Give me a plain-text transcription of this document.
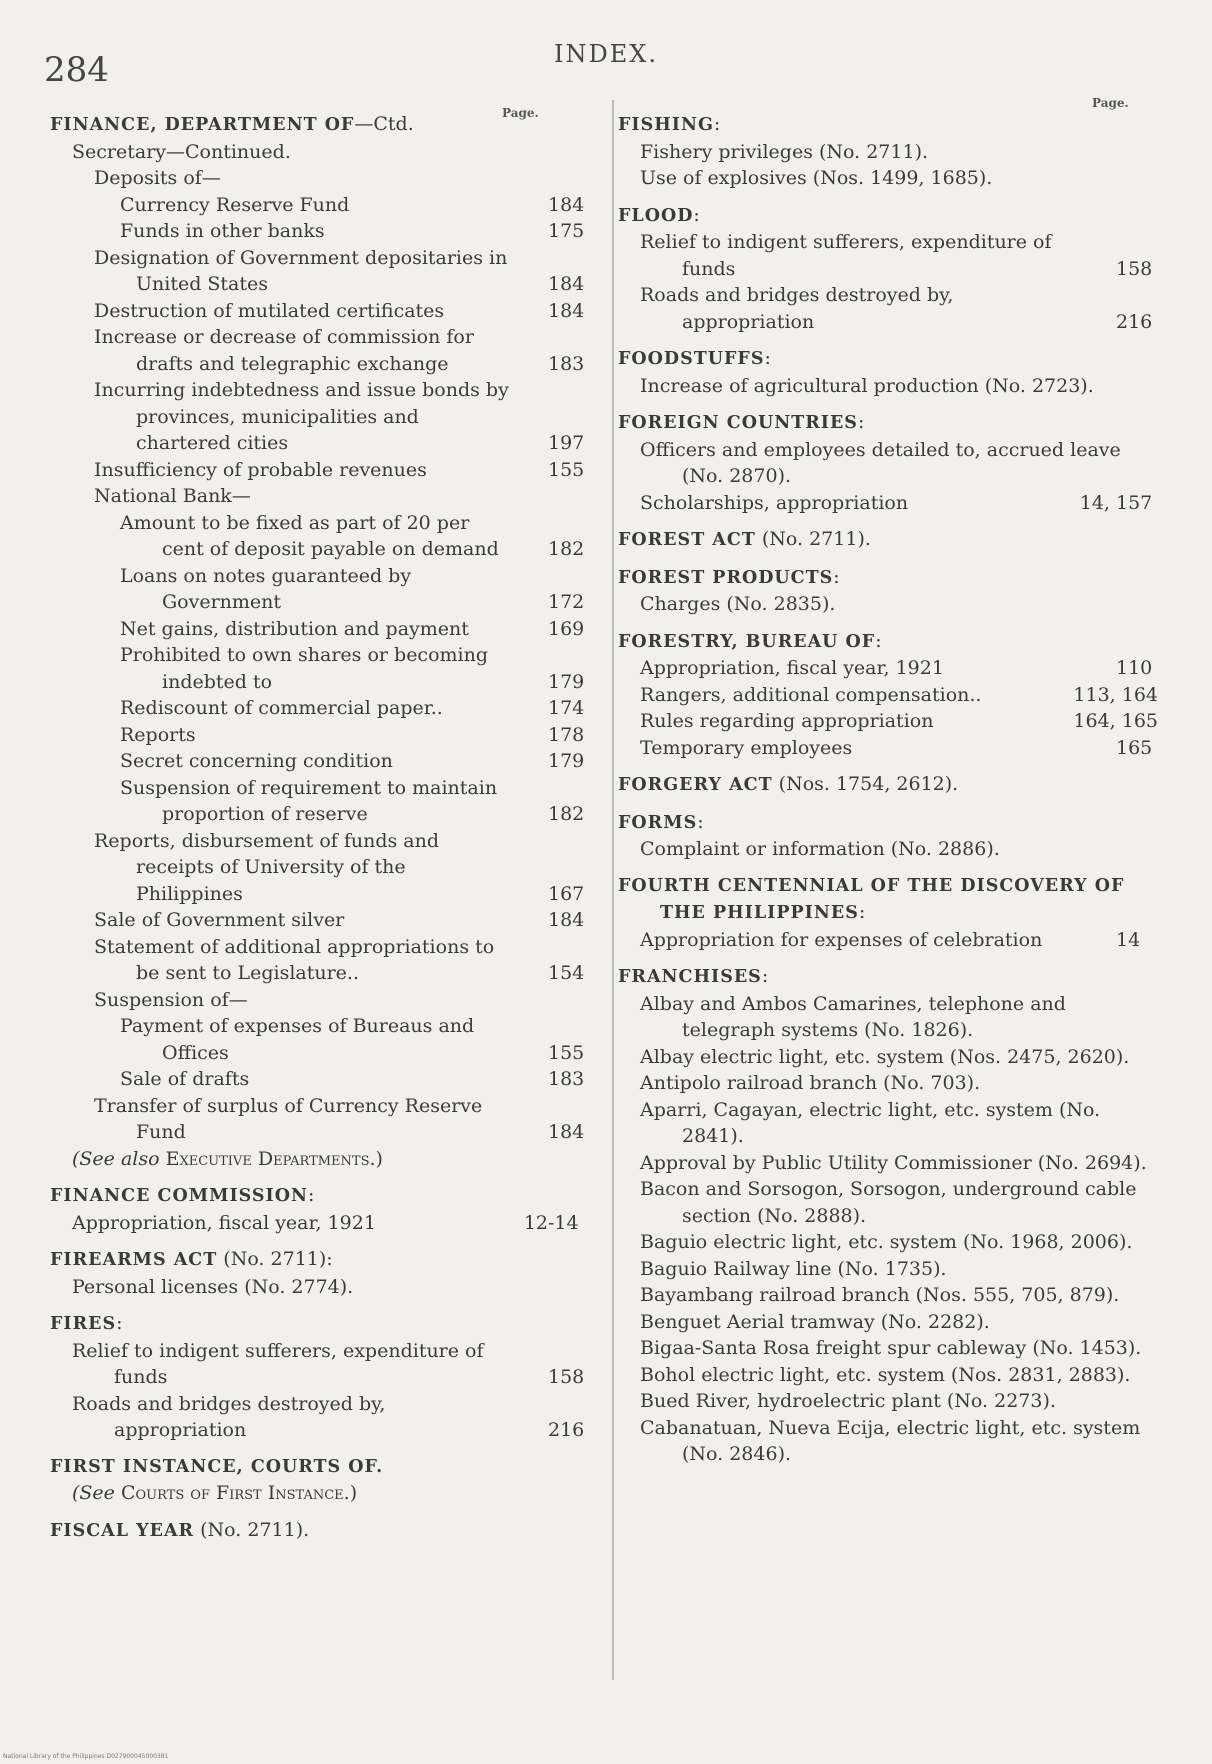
284	INDEX.
Page.
Page.
FINANCE, DEPARTMENT OF—Ctd.
Secretary—Continued.
Deposits of—
Currency Reserve Fund	184
Funds in other banks	175
Designation of Government depositaries in United States	184
Destruction of mutilated certificates	184
Increase or decrease of commission for drafts and telegraphic exchange	183
Incurring indebtedness and issue bonds by provinces, municipalities and chartered cities	197
Insufficiency of probable revenues	155
National Bank—
Amount to be fixed as part of 20 per cent of deposit payable on demand	182
Loans on notes guaranteed by Government	172
Net gains, distribution and payment	169
Prohibited to own shares or becoming indebted to	179
Rediscount of commercial paper..	174
Reports	178
Secret concerning condition	179
Suspension of requirement to maintain proportion of reserve	182
Reports, disbursement of funds and receipts of University of the Philippines	167
Sale of Government silver	184
Statement of additional appropriations to be sent to Legislature..	154
Suspension of—
Payment of expenses of Bureaus and Offices	155
Sale of drafts	183
Transfer of surplus of Currency Reserve Fund	184
(See also Executive Departments.)
FINANCE COMMISSION:
Appropriation, fiscal year, 1921	12-14
FIREARMS ACT (No. 2711):
Personal licenses (No. 2774).
FIRES:
Relief to indigent sufferers, expenditure of funds	158
Roads and bridges destroyed by, appropriation	216
FIRST INSTANCE, COURTS OF.
(See Courts of First Instance.)
FISCAL YEAR (No. 2711).
FISHING:
Fishery privileges (No. 2711).
Use of explosives (Nos. 1499, 1685).
FLOOD:
Relief to indigent sufferers, expenditure of funds	158
Roads and bridges destroyed by, appropriation	216
FOODSTUFFS:
Increase of agricultural production (No. 2723).
FOREIGN COUNTRIES:
Officers and employees detailed to, accrued leave (No. 2870).
Scholarships, appropriation	14, 157
FOREST ACT (No. 2711).
FOREST PRODUCTS:
Charges (No. 2835).
FORESTRY, BUREAU OF:
Appropriation, fiscal year, 1921	110
Rangers, additional compensation..	113, 164
Rules regarding appropriation	164, 165
Temporary employees	165
FORGERY ACT (Nos. 1754, 2612).
FORMS:
Complaint or information (No. 2886).
FOURTH CENTENNIAL OF THE DISCOVERY OF THE PHILIPPINES:
Appropriation for expenses of celebration	14
FRANCHISES:
Albay and Ambos Camarines, telephone and telegraph systems (No. 1826).
Albay electric light, etc. system (Nos. 2475, 2620).
Antipolo railroad branch (No. 703).
Aparri, Cagayan, electric light, etc. system (No. 2841).
Approval by Public Utility Commissioner (No. 2694).
Bacon and Sorsogon, Sorsogon, underground cable section (No. 2888).
Baguio electric light, etc. system (No. 1968, 2006).
Baguio Railway line (No. 1735).
Bayambang railroad branch (Nos. 555, 705, 879).
Benguet Aerial tramway (No. 2282).
Bigaa-Santa Rosa freight spur cableway (No. 1453).
Bohol electric light, etc. system (Nos. 2831, 2883).
Bued River, hydroelectric plant (No. 2273).
Cabanatuan, Nueva Ecija, electric light, etc. system (No. 2846).
National Library of the Philippines D027900045000381
